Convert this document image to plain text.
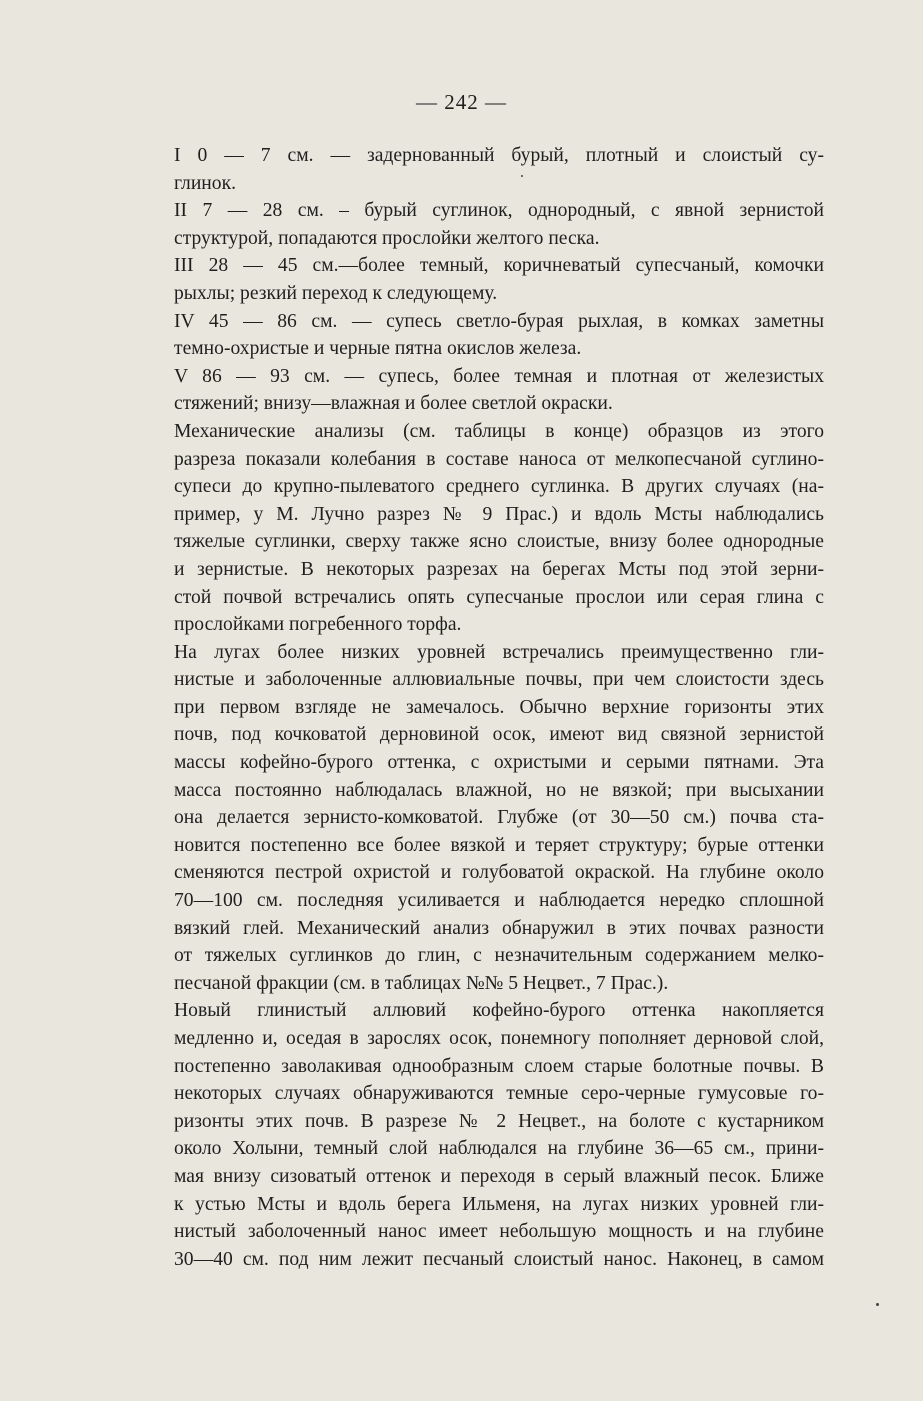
— 242 —
I 0 — 7 см. — задернованный бурый, плотный и слоистый су-
глинок.
II 7 — 28 см. – бурый суглинок, однородный, с явной зернистой
структурой, попадаются прослойки желтого песка.
III 28 — 45 см.—более темный, коричневатый супесчаный, комочки
рыхлы; резкий переход к следующему.
IV 45 — 86 см. — супесь светло-бурая рыхлая, в комках заметны
темно-охристые и черные пятна окислов железа.
V 86 — 93 см. — супесь, более темная и плотная от железистых
стяжений; внизу—влажная и более светлой окраски.
Механические анализы (см. таблицы в конце) образцов из этого
разреза показали колебания в составе наноса от мелкопесчаной суглино-
супеси до крупно-пылеватого среднего суглинка. В других случаях (на-
пример, у М. Лучно разрез № 9 Прас.) и вдоль Мсты наблюдались
тяжелые суглинки, сверху также ясно слоистые, внизу более однородные
и зернистые. В некоторых разрезах на берегах Мсты под этой зерни-
стой почвой встречались опять супесчаные прослои или серая глина с
прослойками погребенного торфа.
На лугах более низких уровней встречались преимущественно гли-
нистые и заболоченные аллювиальные почвы, при чем слоистости здесь
при первом взгляде не замечалось. Обычно верхние горизонты этих
почв, под кочковатой дерновиной осок, имеют вид связной зернистой
массы кофейно-бурого оттенка, с охристыми и серыми пятнами. Эта
масса постоянно наблюдалась влажной, но не вязкой; при высыхании
она делается зернисто-комковатой. Глубже (от 30—50 см.) почва ста-
новится постепенно все более вязкой и теряет структуру; бурые оттенки
сменяются пестрой охристой и голубоватой окраской. На глубине около
70—100 см. последняя усиливается и наблюдается нередко сплошной
вязкий глей. Механический анализ обнаружил в этих почвах разности
от тяжелых суглинков до глин, с незначительным содержанием мелко-
песчаной фракции (см. в таблицах №№ 5 Нецвет., 7 Прас.).
Новый глинистый аллювий кофейно-бурого оттенка накопляется
медленно и, оседая в зарослях осок, понемногу пополняет дерновой слой,
постепенно заволакивая однообразным слоем старые болотные почвы. В
некоторых случаях обнаруживаются темные серо-черные гумусовые го-
ризонты этих почв. В разрезе № 2 Нецвет., на болоте с кустарником
около Холыни, темный слой наблюдался на глубине 36—65 см., прини-
мая внизу сизоватый оттенок и переходя в серый влажный песок. Ближе
к устью Мсты и вдоль берега Ильменя, на лугах низких уровней гли-
нистый заболоченный нанос имеет небольшую мощность и на глубине
30—40 см. под ним лежит песчаный слоистый нанос. Наконец, в самом
